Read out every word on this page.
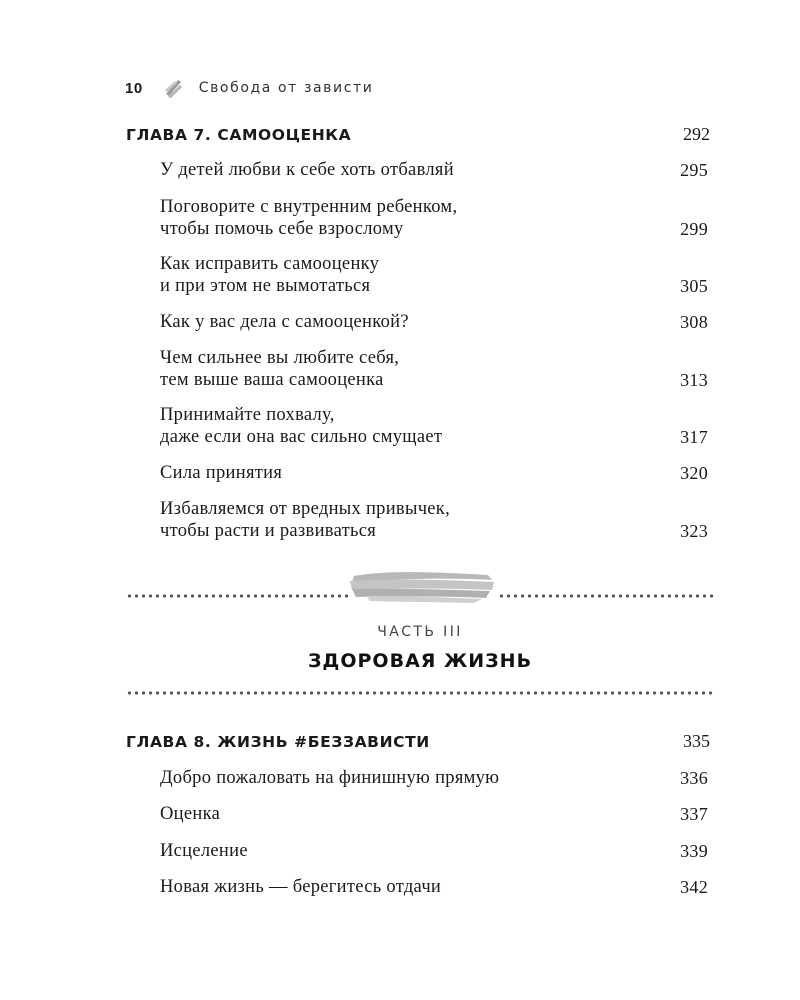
10	Свобода от зависти
ГЛАВА 7. САМООЦЕНКА	292
У детей любви к себе хоть отбавляй	295
Поговорите с внутренним ребенком,
чтобы помочь себе взрослому	299
Как исправить самооценку
и при этом не вымотаться	305
Как у вас дела с самооценкой?	308
Чем сильнее вы любите себя,
тем выше ваша самооценка	313
Принимайте похвалу,
даже если она вас сильно смущает	317
Сила принятия	320
Избавляемся от вредных привычек,
чтобы расти и развиваться	323
ЧАСТЬ III
ЗДОРОВАЯ ЖИЗНЬ
ГЛАВА 8. ЖИЗНЬ #БЕЗЗАВИСТИ	335
Добро пожаловать на финишную прямую	336
Оценка	337
Исцеление	339
Новая жизнь — берегитесь отдачи	342
